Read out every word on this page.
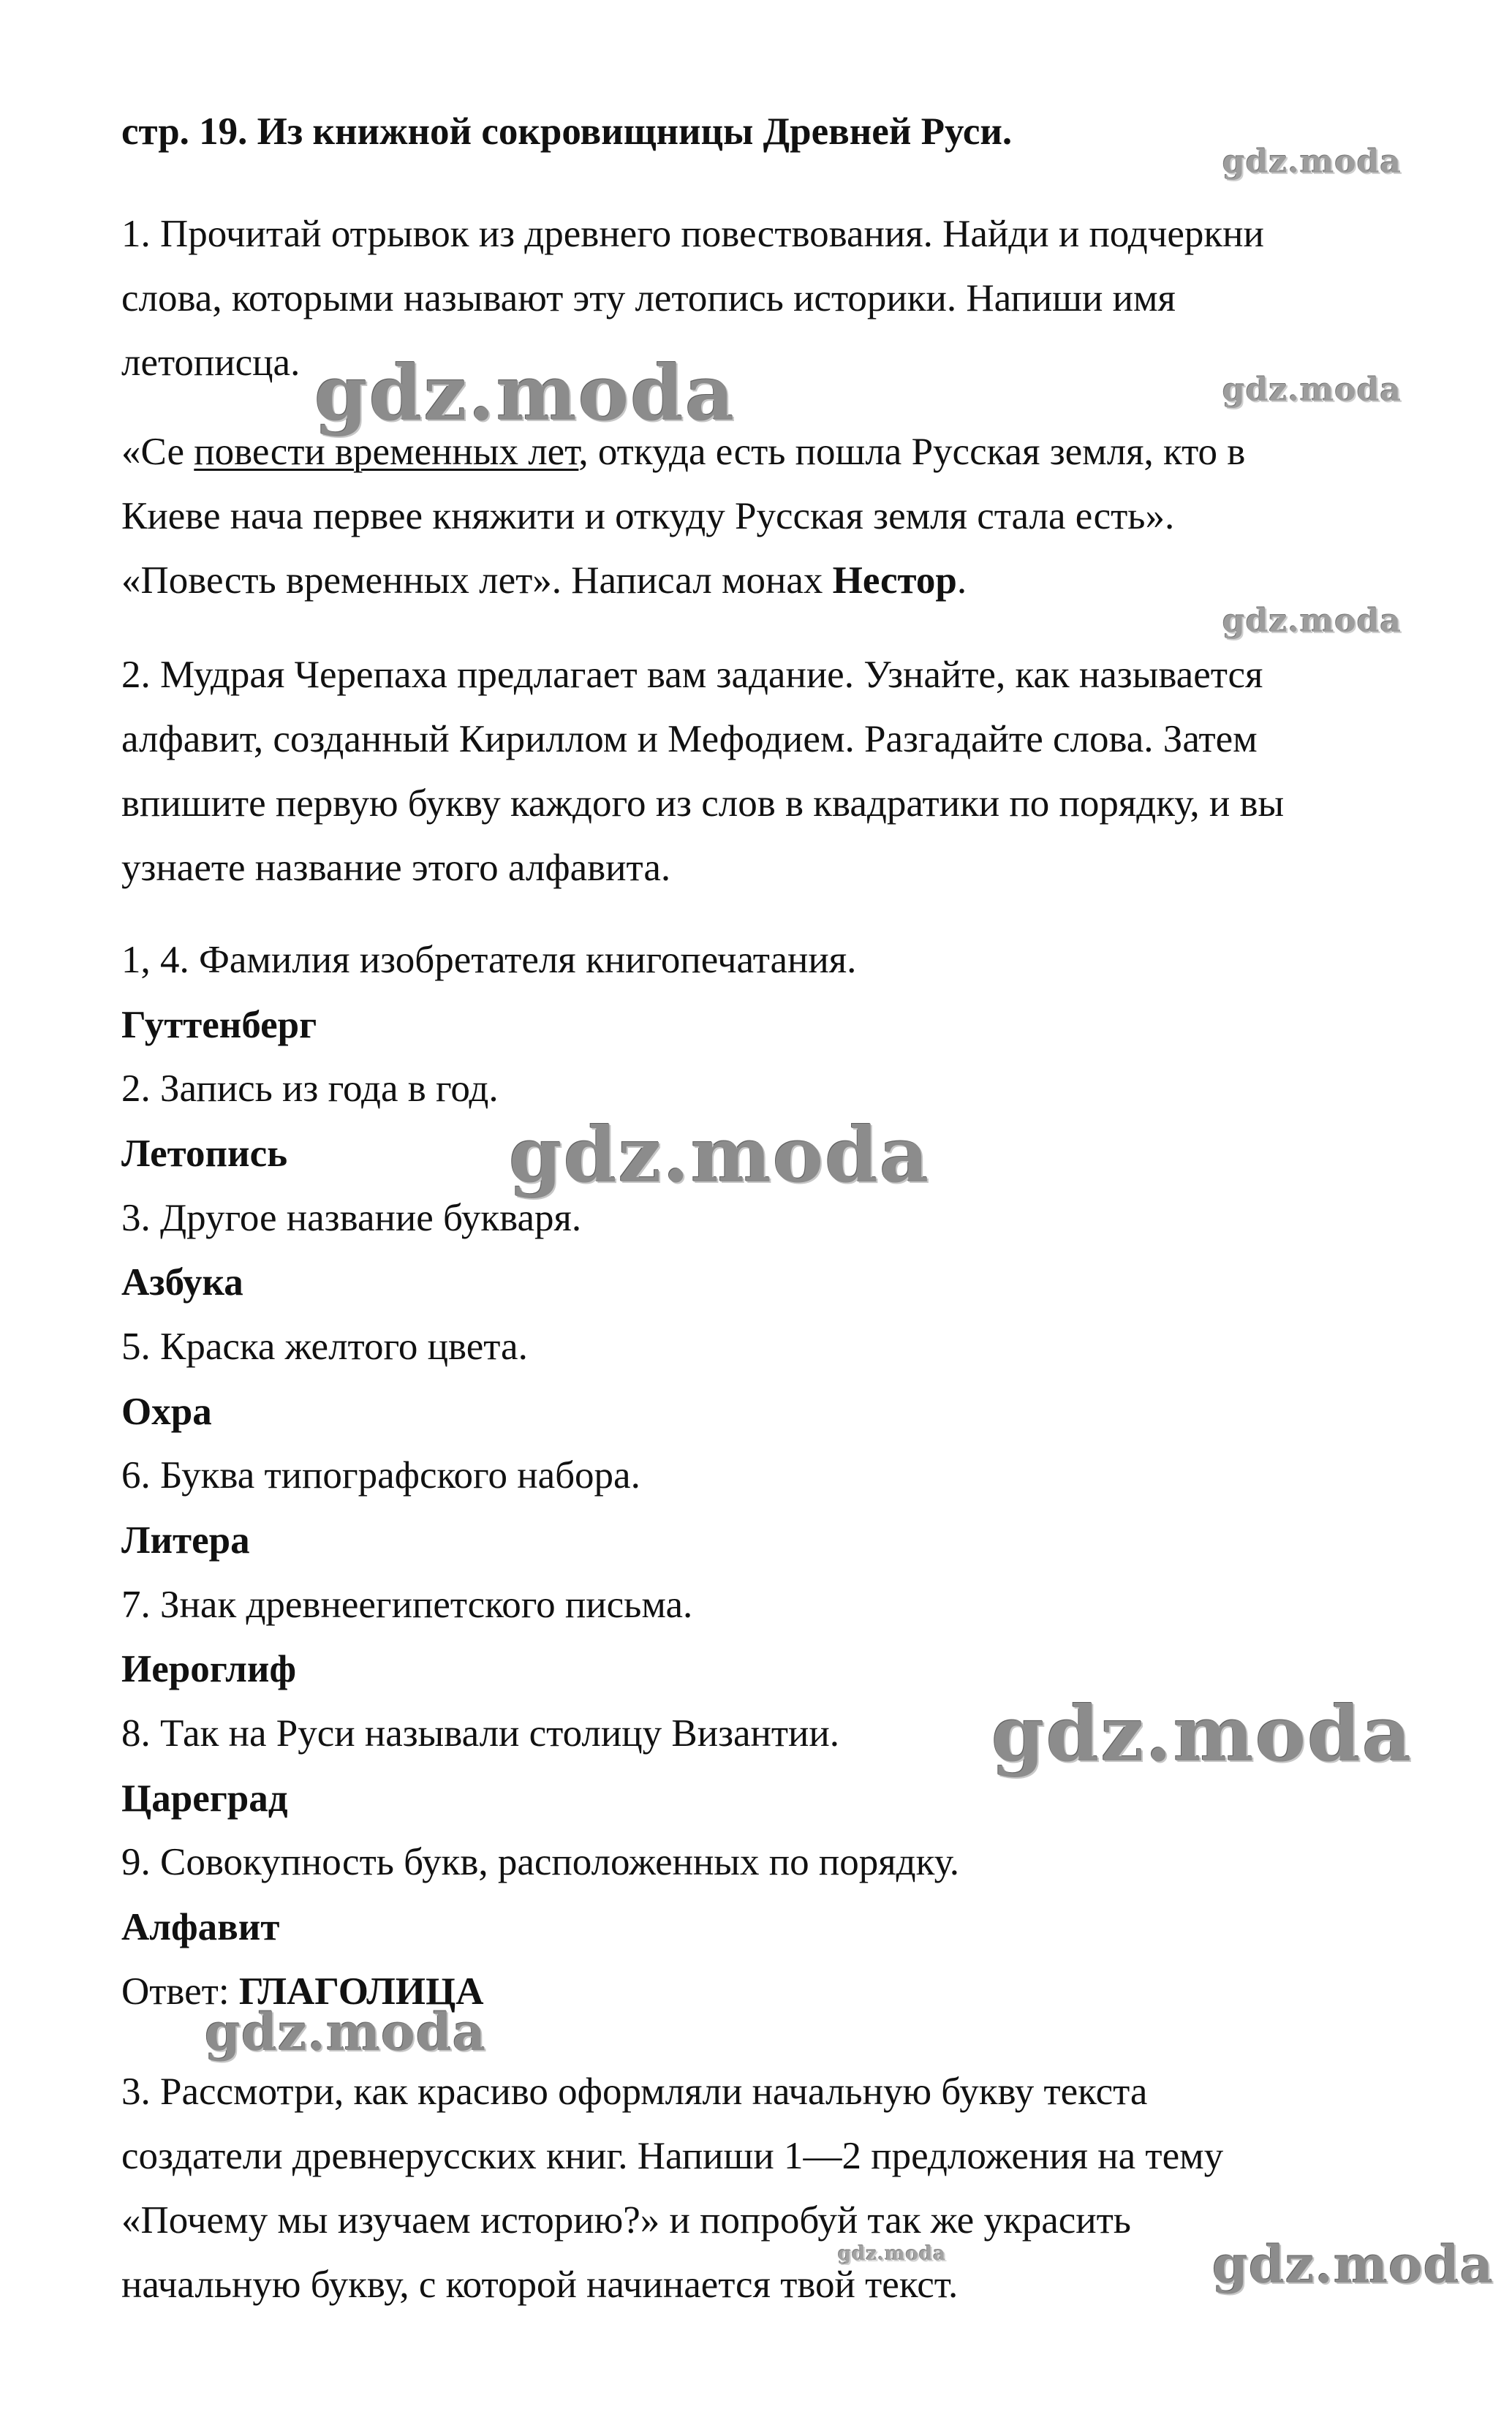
стр. 19. Из книжной сокровищницы Древней Руси.
1. Прочитай отрывок из древнего повествования. Найди и подчеркни
слова, которыми называют эту летопись историки. Напиши имя
летописца.
«Се повести временных лет, откуда есть пошла Русская земля, кто в
Киеве нача первее княжити и откуду Русская земля стала есть».
«Повесть временных лет». Написал монах Нестор.
2. Мудрая Черепаха предлагает вам задание. Узнайте, как называется
алфавит, созданный Кириллом и Мефодием. Разгадайте слова. Затем
впишите первую букву каждого из слов в квадратики по порядку, и вы
узнаете название этого алфавита.
1, 4. Фамилия изобретателя книгопечатания.
Гуттенберг
2. Запись из года в год.
Летопись
3. Другое название букваря.
Азбука
5. Краска желтого цвета.
Охра
6. Буква типографского набора.
Литера
7. Знак древнеегипетского письма.
Иероглиф
8. Так на Руси называли столицу Византии.
Цареград
9. Совокупность букв, расположенных по порядку.
Алфавит
Ответ: ГЛАГОЛИЦА
3. Рассмотри, как красиво оформляли начальную букву текста
создатели древнерусских книг. Напиши 1—2 предложения на тему
«Почему мы изучаем историю?» и попробуй так же украсить
начальную букву, с которой начинается твой текст.
gdz.moda
gdz.moda	gdz.moda
gdz.moda
gdz.moda
gdz.moda
gdz.moda
gdz.moda	gdz.moda
